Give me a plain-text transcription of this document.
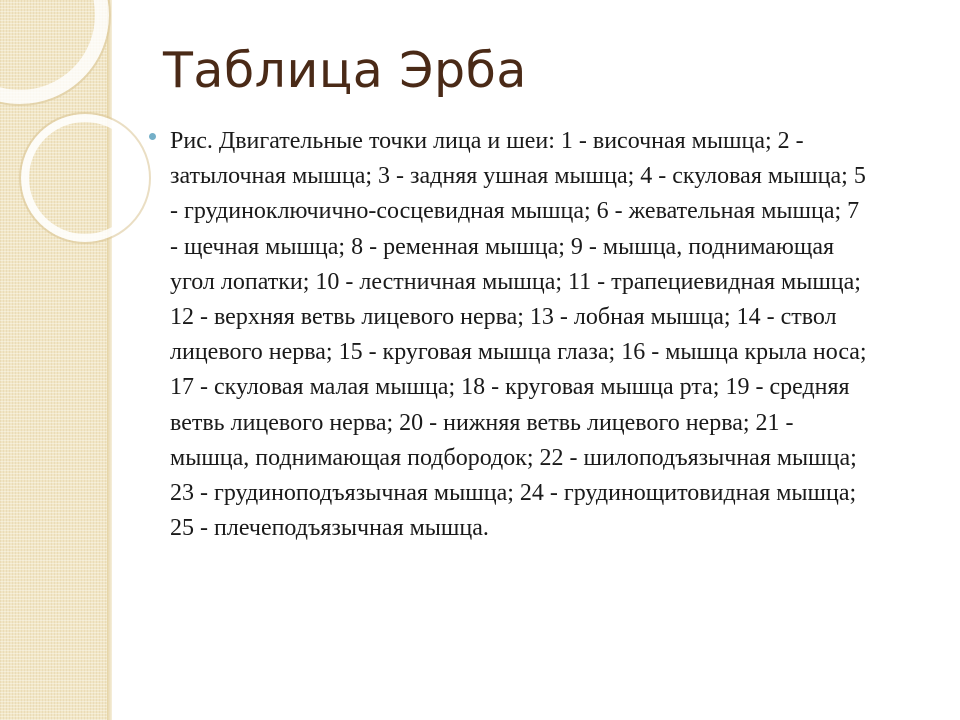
Таблица Эрба

Рис. Двигательные точки лица и шеи: 1 - височная мышца; 2 - затылочная мышца; 3 - задняя ушная мышца; 4 - скуловая мышца; 5 - грудиноключично-сосцевидная мышца; 6 - жевательная мышца; 7 - щечная мышца; 8 - ременная мышца; 9 - мышца, поднимающая угол лопатки; 10 - лестничная мышца; 11 - трапециевидная мышца; 12 - верхняя ветвь лицевого нерва; 13 - лобная мышца; 14 - ствол лицевого нерва; 15 - круговая мышца глаза; 16 - мышца крыла носа; 17 - скуловая малая мышца; 18 - круговая мышца рта; 19 - средняя ветвь лицевого нерва; 20 - нижняя ветвь лицевого нерва; 21 - мышца, поднимающая подбородок; 22 - шилоподъязычная мышца; 23 - грудиноподъязычная мышца; 24 - грудинощитовидная мышца; 25 - плечеподъязычная мышца.
